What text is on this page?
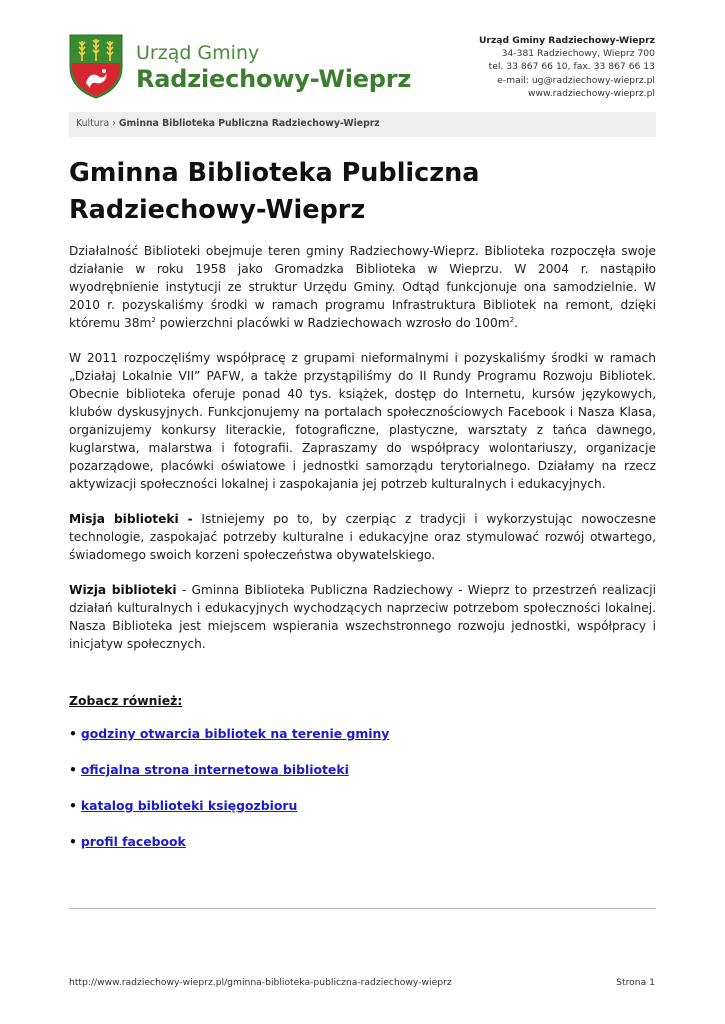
Urząd Gminy
Radziechowy-Wieprz
Urząd Gminy Radziechowy-Wieprz
34-381 Radziechowy, Wieprz 700
tel. 33 867 66 10, fax. 33 867 66 13
e-mail: ug@radziechowy-wieprz.pl
www.radziechowy-wieprz.pl
Kultura › Gminna Biblioteka Publiczna Radziechowy-Wieprz
Gminna Biblioteka Publiczna Radziechowy-Wieprz

Działalność Biblioteki obejmuje teren gminy Radziechowy-Wieprz. Biblioteka rozpoczęła swoje działanie w roku 1958 jako Gromadzka Biblioteka w Wieprzu. W 2004 r. nastąpiło wyodrębnienie instytucji ze struktur Urzędu Gminy. Odtąd funkcjonuje ona samodzielnie. W 2010 r. pozyskaliśmy środki w ramach programu Infrastruktura Bibliotek na remont, dzięki któremu $38m^2$ powierzchni placówki w Radziechowach wzrosło do $100m^2$.

W 2011 rozpoczęliśmy współpracę z grupami nieformalnymi i pozyskaliśmy środki w ramach „Działaj Lokalnie VII” PAFW, a także przystąpiliśmy do II Rundy Programu Rozwoju Bibliotek. Obecnie biblioteka oferuje ponad 40 tys. książek, dostęp do Internetu, kursów językowych, klubów dyskusyjnych. Funkcjonujemy na portalach społecznościowych Facebook i Nasza Klasa, organizujemy konkursy literackie, fotograficzne, plastyczne, warsztaty z tańca dawnego, kuglarstwa, malarstwa i fotografii. Zapraszamy do współpracy wolontariuszy, organizacje pozarządowe, placówki oświatowe i jednostki samorządu terytorialnego. Działamy na rzecz aktywizacji społeczności lokalnej i zaspokajania jej potrzeb kulturalnych i edukacyjnych.

Misja biblioteki - Istniejemy po to, by czerpiąc z tradycji i wykorzystując nowoczesne technologie, zaspokajać potrzeby kulturalne i edukacyjne oraz stymulować rozwój otwartego, świadomego swoich korzeni społeczeństwa obywatelskiego.

Wizja biblioteki - Gminna Biblioteka Publiczna Radziechowy - Wieprz to przestrzeń realizacji działań kulturalnych i edukacyjnych wychodzących naprzeciw potrzebom społeczności lokalnej. Nasza Biblioteka jest miejscem wspierania wszechstronnego rozwoju jednostki, współpracy i inicjatyw społecznych.

Zobacz również:
• godziny otwarcia bibliotek na terenie gminy
• oficjalna strona internetowa biblioteki
• katalog biblioteki księgozbioru
• profil facebook
http://www.radziechowy-wieprz.pl/gminna-biblioteka-publiczna-radziechowy-wieprz	Strona 1
